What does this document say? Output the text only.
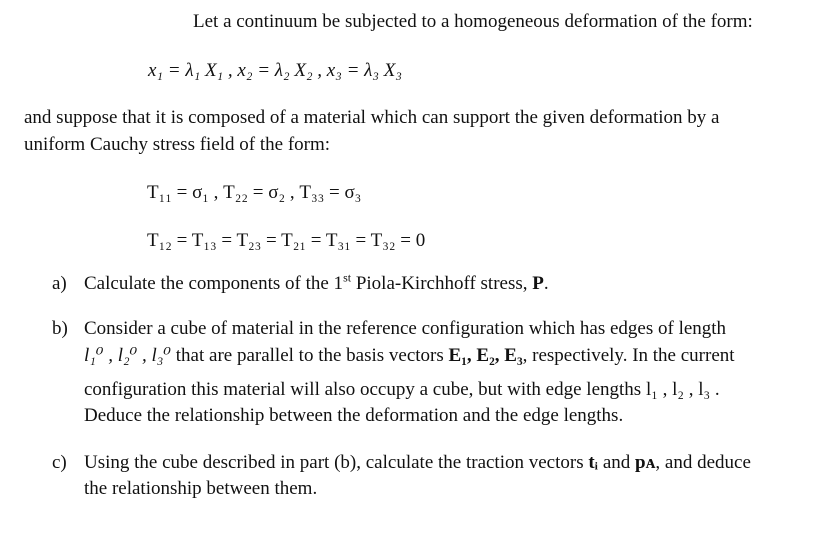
Let a continuum be subjected to a homogeneous deformation of the form:
x₁ = λ₁ X₁ , x₂ = λ₂ X₂ , x₃ = λ₃ X₃
and suppose that it is composed of a material which can support the given deformation by a
uniform Cauchy stress field of the form:
T₁₁ = σ₁ , T₂₂ = σ₂ , T₃₃ = σ₃
T₁₂ = T₁₃ = T₂₃ = T₂₁ = T₃₁ = T₃₂ = 0
a) Calculate the components of the 1st Piola-Kirchhoff stress, P.
b) Consider a cube of material in the reference configuration which has edges of length
l₁⁰ , l₂⁰ , l₃⁰ that are parallel to the basis vectors E₁, E₂, E₃, respectively. In the current
configuration this material will also occupy a cube, but with edge lengths l₁ , l₂ , l₃ .
Deduce the relationship between the deformation and the edge lengths.
c) Using the cube described in part (b), calculate the traction vectors tᵢ and pᴀ, and deduce
the relationship between them.
